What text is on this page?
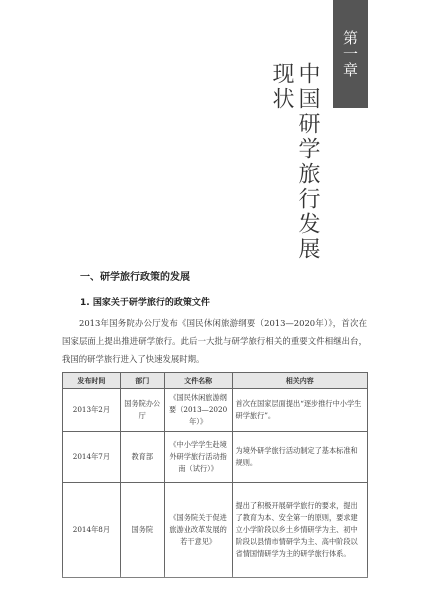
第一章
中国研学旅行发展
现状
一、研学旅行政策的发展
1. 国家关于研学旅行的政策文件
2013年国务院办公厅发布《国民休闲旅游纲要（2013—2020年）》，首次在国家层面上提出推进研学旅行。此后一大批与研学旅行相关的重要文件相继出台，我国的研学旅行进入了快速发展时期。
发布时间	部门	文件名称	相关内容
2013年2月	国务院办公厅	《国民休闲旅游纲要（2013—2020年）》	首次在国家层面提出“逐步推行中小学生研学旅行”。
2014年7月	教育部	《中小学学生赴境外研学旅行活动指南（试行）》	为境外研学旅行活动制定了基本标准和规则。
2014年8月	国务院	《国务院关于促进旅游业改革发展的若干意见》	提出了积极开展研学旅行的要求，提出了教育为本、安全第一的原则，要求建立小学阶段以乡土乡情研学为主、初中阶段以县情市情研学为主、高中阶段以省情国情研学为主的研学旅行体系。
